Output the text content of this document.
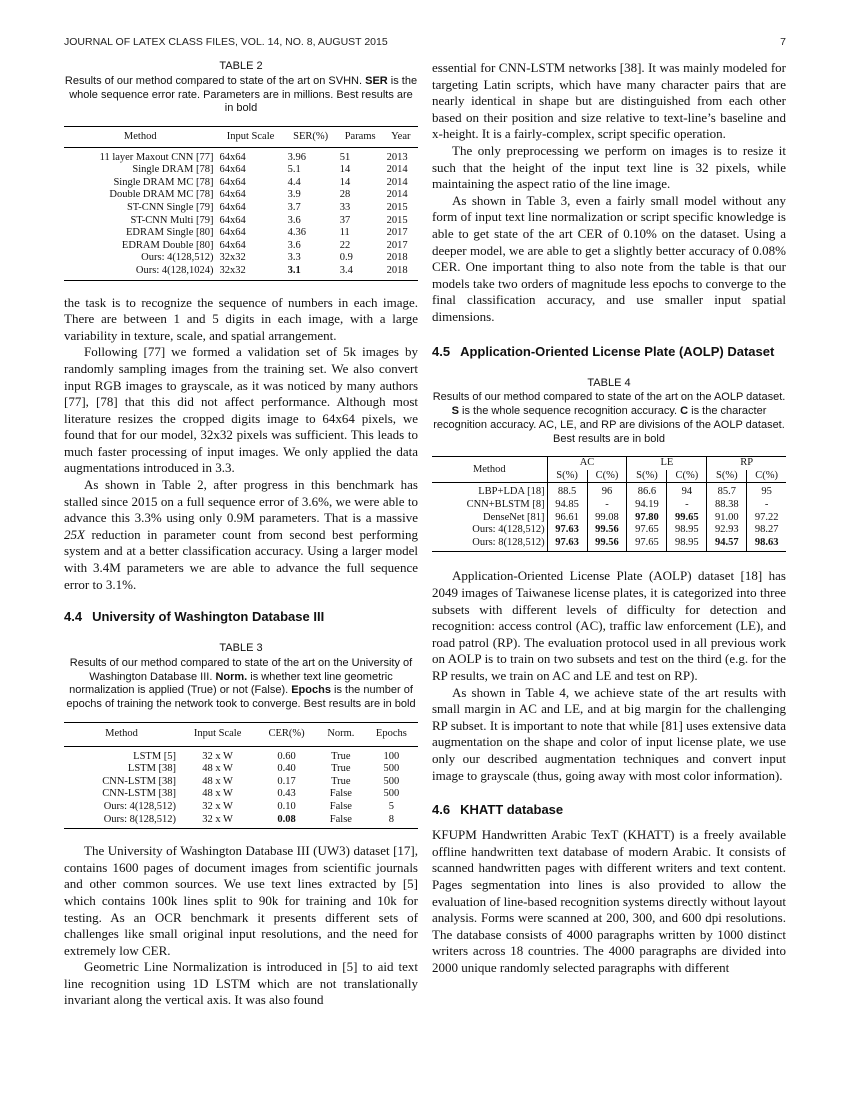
JOURNAL OF LATEX CLASS FILES, VOL. 14, NO. 8, AUGUST 2015	7
TABLE 2
Results of our method compared to state of the art on SVHN. SER is the whole sequence error rate. Parameters are in millions. Best results are in bold
Method	Input Scale	SER(%)	Params	Year
11 layer Maxout CNN [77]	64x64	3.96	51	2013
Single DRAM [78]	64x64	5.1	14	2014
Single DRAM MC [78]	64x64	4.4	14	2014
Double DRAM MC [78]	64x64	3.9	28	2014
ST-CNN Single [79]	64x64	3.7	33	2015
ST-CNN Multi [79]	64x64	3.6	37	2015
EDRAM Single [80]	64x64	4.36	11	2017
EDRAM Double [80]	64x64	3.6	22	2017
Ours: 4(128,512)	32x32	3.3	0.9	2018
Ours: 4(128,1024)	32x32	3.1	3.4	2018

the task is to recognize the sequence of numbers in each image. There are between 1 and 5 digits in each image, with a large variability in texture, scale, and spatial arrangement.

Following [77] we formed a validation set of 5k images by randomly sampling images from the training set. We also convert input RGB images to grayscale, as it was noticed by many authors [77], [78] that this did not affect performance. Although most literature resizes the cropped digits image to 64x64 pixels, we found that for our model, 32x32 pixels was sufficient. This leads to much faster processing of input images. We only applied the data augmentations introduced in 3.3.

As shown in Table 2, after progress in this benchmark has stalled since 2015 on a full sequence error of 3.6%, we were able to advance this 3.3% using only 0.9M parameters. That is a massive 25X reduction in parameter count from second best performing system and at a better classification accuracy. Using a larger model with 3.4M parameters we are able to advance the full sequence error to 3.1%.

4.4 University of Washington Database III
TABLE 3
Results of our method compared to state of the art on the University of Washington Database III. Norm. is whether text line geometric normalization is applied (True) or not (False). Epochs is the number of epochs of training the network took to converge. Best results are in bold
Method	Input Scale	CER(%)	Norm.	Epochs
LSTM [5]	32 x W	0.60	True	100
LSTM [38]	48 x W	0.40	True	500
CNN-LSTM [38]	48 x W	0.17	True	500
CNN-LSTM [38]	48 x W	0.43	False	500
Ours: 4(128,512)	32 x W	0.10	False	5
Ours: 8(128,512)	32 x W	0.08	False	8

The University of Washington Database III (UW3) dataset [17], contains 1600 pages of document images from scientific journals and other common sources. We use text lines extracted by [5] which contains 100k lines split to 90k for training and 10k for testing. As an OCR benchmark it presents different sets of challenges like small original input resolutions, and the need for extremely low CER.

Geometric Line Normalization is introduced in [5] to aid text line recognition using 1D LSTM which are not translationally invariant along the vertical axis. It was also found

essential for CNN-LSTM networks [38]. It was mainly modeled for targeting Latin scripts, which have many character pairs that are nearly identical in shape but are distinguished from each other based on their position and size relative to text-line’s baseline and x-height. It is a fairly-complex, script specific operation.

The only preprocessing we perform on images is to resize it such that the height of the input text line is 32 pixels, while maintaining the aspect ratio of the line image.

As shown in Table 3, even a fairly small model without any form of input text line normalization or script specific knowledge is able to get state of the art CER of 0.10% on the dataset. Using a deeper model, we are able to get a slightly better accuracy of 0.08% CER. One important thing to also note from the table is that our models take two orders of magnitude less epochs to converge to the final classification accuracy, and use smaller input spatial dimensions.

4.5 Application-Oriented License Plate (AOLP) Dataset
TABLE 4
Results of our method compared to state of the art on the AOLP dataset. S is the whole sequence recognition accuracy. C is the character recognition accuracy. AC, LE, and RP are divisions of the AOLP dataset. Best results are in bold
Method	AC		LE		RP	
	S(%)	C(%)	S(%)	C(%)	S(%)	C(%)
LBP+LDA [18]	88.5	96	86.6	94	85.7	95
CNN+BLSTM [8]	94.85	-	94.19	-	88.38	-
DenseNet [81]	96.61	99.08	97.80	99.65	91.00	97.22
Ours: 4(128,512)	97.63	99.56	97.65	98.95	92.93	98.27
Ours: 8(128,512)	97.63	99.56	97.65	98.95	94.57	98.63

Application-Oriented License Plate (AOLP) dataset [18] has 2049 images of Taiwanese license plates, it is categorized into three subsets with different levels of difficulty for detection and recognition: access control (AC), traffic law enforcement (LE), and road patrol (RP). The evaluation protocol used in all previous work on AOLP is to train on two subsets and test on the third (e.g. for the RP results, we train on AC and LE and test on RP).

As shown in Table 4, we achieve state of the art results with small margin in AC and LE, and at big margin for the challenging RP subset. It is important to note that while [81] uses extensive data augmentation on the shape and color of input license plate, we use only our described augmentation techniques and convert input image to grayscale (thus, going away with most color information).

4.6 KHATT database

KFUPM Handwritten Arabic TexT (KHATT) is a freely available offline handwritten text database of modern Arabic. It consists of scanned handwritten pages with different writers and text content. Pages segmentation into lines is also provided to allow the evaluation of line-based recognition systems directly without layout analysis. Forms were scanned at 200, 300, and 600 dpi resolutions. The database consists of 4000 paragraphs written by 1000 distinct writers across 18 countries. The 4000 paragraphs are divided into 2000 unique randomly selected paragraphs with different
